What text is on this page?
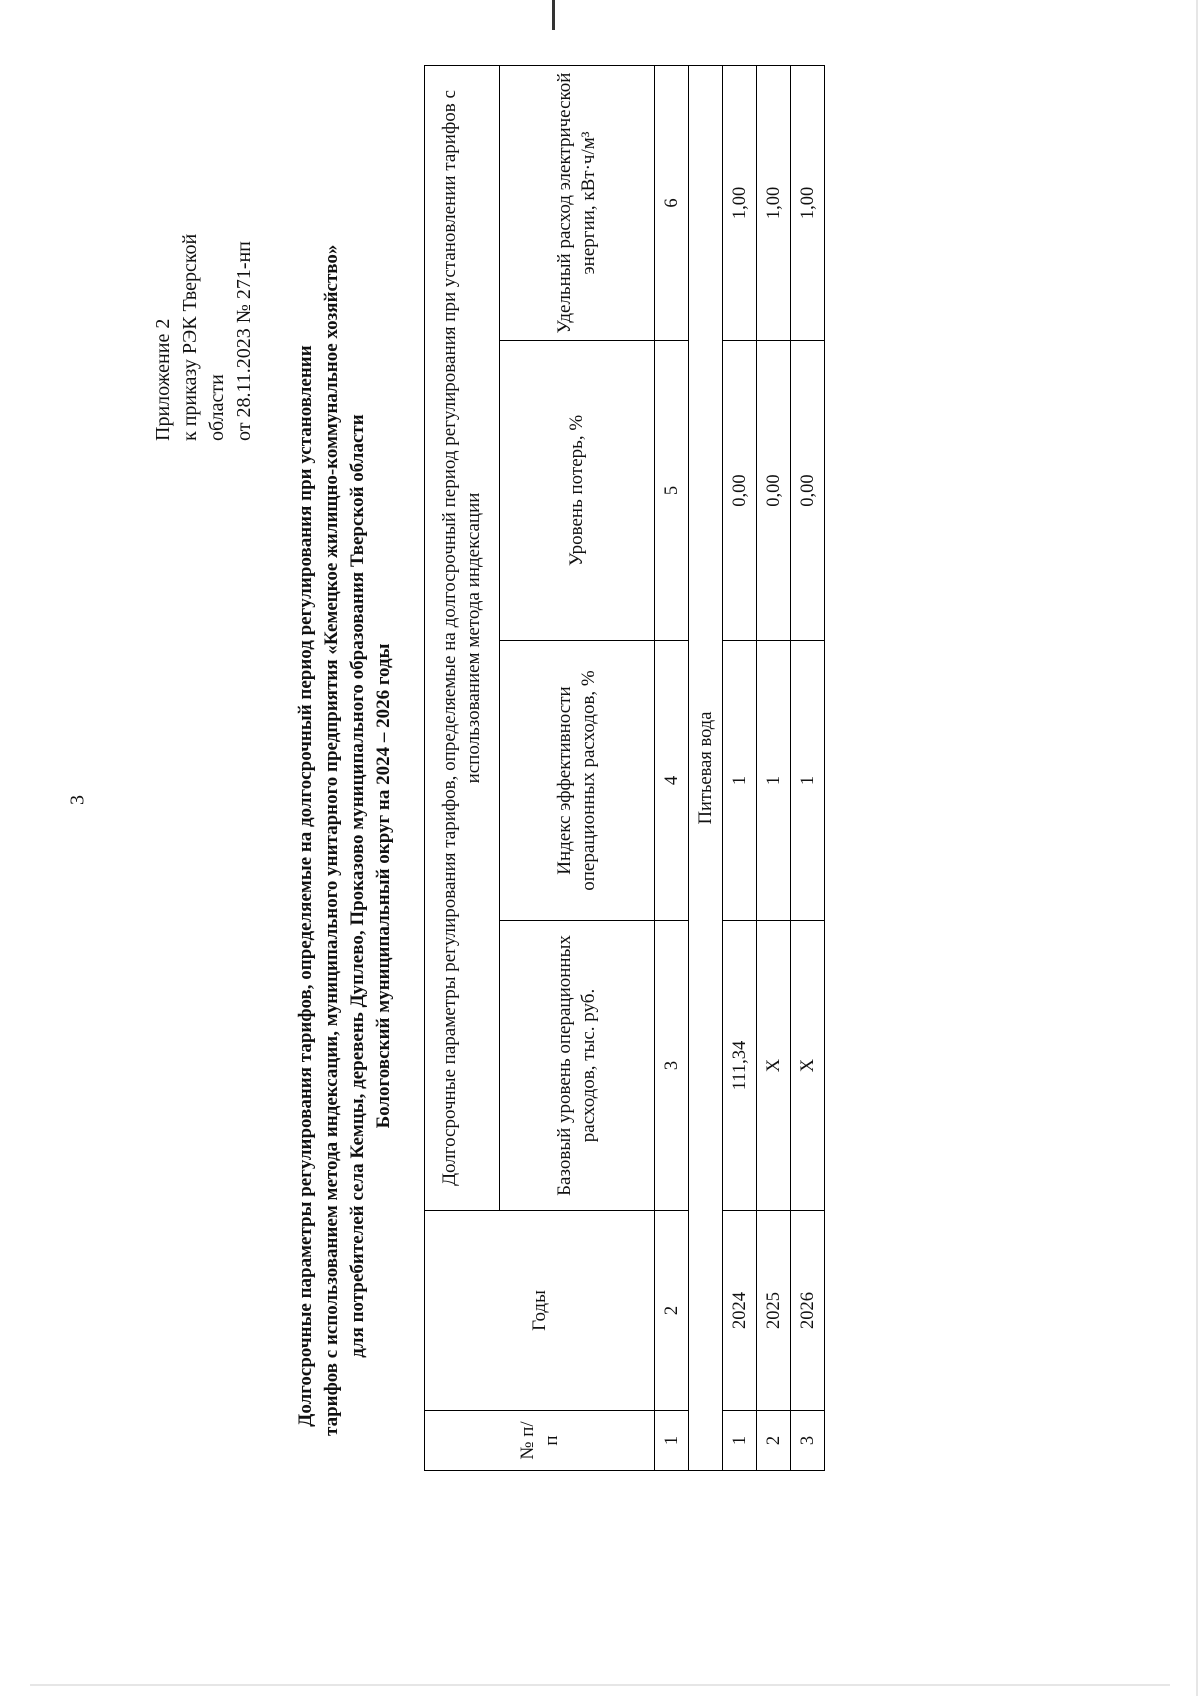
3
Приложение 2 к приказу РЭК Тверской области от 28.11.2023 № 271-нп
Долгосрочные параметры регулирования тарифов, определяемые на долгосрочный период регулирования при установлении тарифов с использованием метода индексации, муниципального унитарного предприятия «Кемецкое жилищно-коммунальное хозяйство» для потребителей села Кемцы, деревень Дуплево, Проказово муниципального образования Тверской области Бологовский муниципальный округ на 2024 – 2026 годы
№ п/п	Годы	Долгосрочные параметры регулирования тарифов, определяемые на долгосрочный период регулирования при установлении тарифов с использованием метода индексации			
		Базовый уровень операционных расходов, тыс. руб.	Индекс эффективности операционных расходов, %	Уровень потерь, %	Удельный расход электрической энергии, кВт·ч/м³
1	2	3	4	5	6
Питьевая вода					
1	2024	111,34	1	0,00	1,00
2	2025	X	1	0,00	1,00
3	2026	X	1	0,00	1,00
